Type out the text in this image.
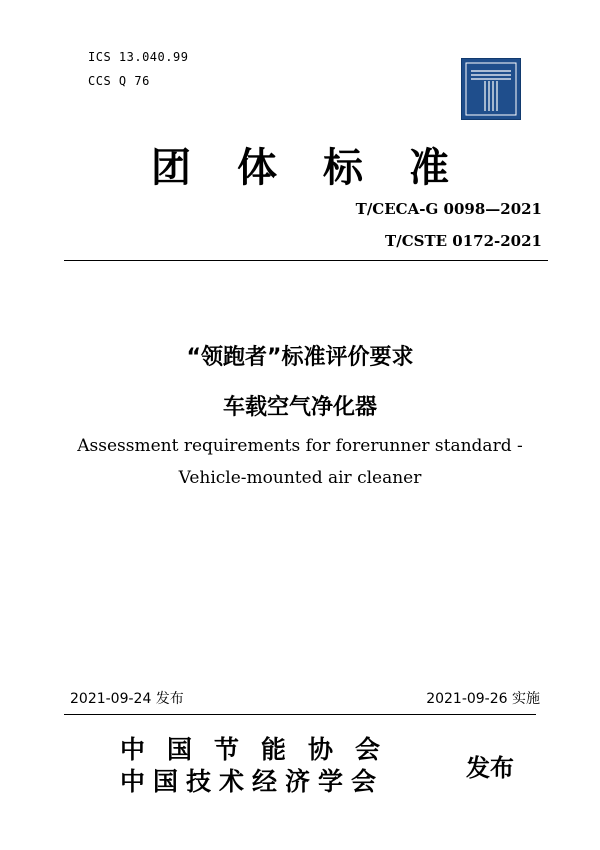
ICS 13.040.99
CCS Q 76
团 体 标 准
T/CECA-G 0098—2021
T/CSTE 0172-2021
“领跑者”标准评价要求
车载空气净化器
Assessment requirements for forerunner standard -
Vehicle-mounted air cleaner
2021-09-24 发布	2021-09-26 实施
中国节能协会
中国技术经济学会	发布
